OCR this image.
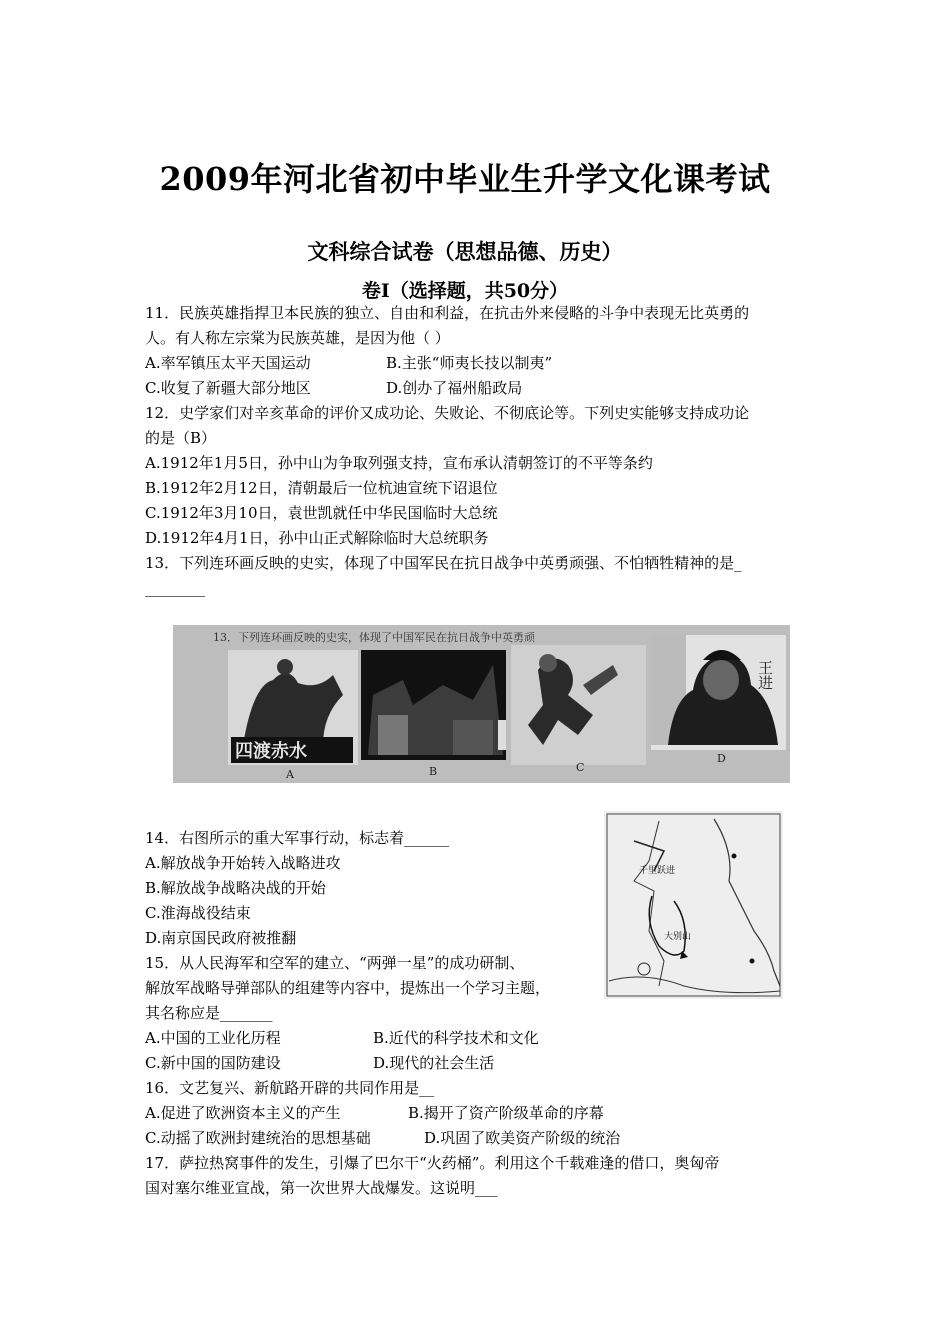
2009年河北省初中毕业生升学文化课考试
文科综合试卷（思想品德、历史）
卷Ⅰ（选择题，共50分）
11．民族英雄指捍卫本民族的独立、自由和利益，在抗击外来侵略的斗争中表现无比英勇的
人。有人称左宗棠为民族英雄，是因为他（ ）
A.率军镇压太平天国运动	B.主张“师夷长技以制夷”
C.收复了新疆大部分地区	D.创办了福州船政局
12．史学家们对辛亥革命的评价又成功论、失败论、不彻底论等。下列史实能够支持成功论
的是（B）
A.1912年1月5日，孙中山为争取列强支持，宣布承认清朝签订的不平等条约
B.1912年2月12日，清朝最后一位杭迪宣统下诏退位
C.1912年3月10日，袁世凯就任中华民国临时大总统
D.1912年4月1日，孙中山正式解除临时大总统职务
13．下列连环画反映的史实，体现了中国军民在抗日战争中英勇顽强、不怕牺牲精神的是_
________
13．下列连环画反映的史实，体现了中国军民在抗日战争中英勇顽
四渡赤水
A	B	C
王进
D
14．右图所示的重大军事行动，标志着______
A.解放战争开始转入战略进攻
B.解放战争战略决战的开始
C.淮海战役结束
D.南京国民政府被推翻
千里跃进
大别山
15．从人民海军和空军的建立、“两弹一星”的成功研制、
解放军战略导弹部队的组建等内容中，提炼出一个学习主题，
其名称应是_______
A.中国的工业化历程	B.近代的科学技术和文化
C.新中国的国防建设	D.现代的社会生活
16．文艺复兴、新航路开辟的共同作用是__
A.促进了欧洲资本主义的产生	B.揭开了资产阶级革命的序幕
C.动摇了欧洲封建统治的思想基础	D.巩固了欧美资产阶级的统治
17．萨拉热窝事件的发生，引爆了巴尔干“火药桶”。利用这个千载难逢的借口，奥匈帝
国对塞尔维亚宣战，第一次世界大战爆发。这说明___
